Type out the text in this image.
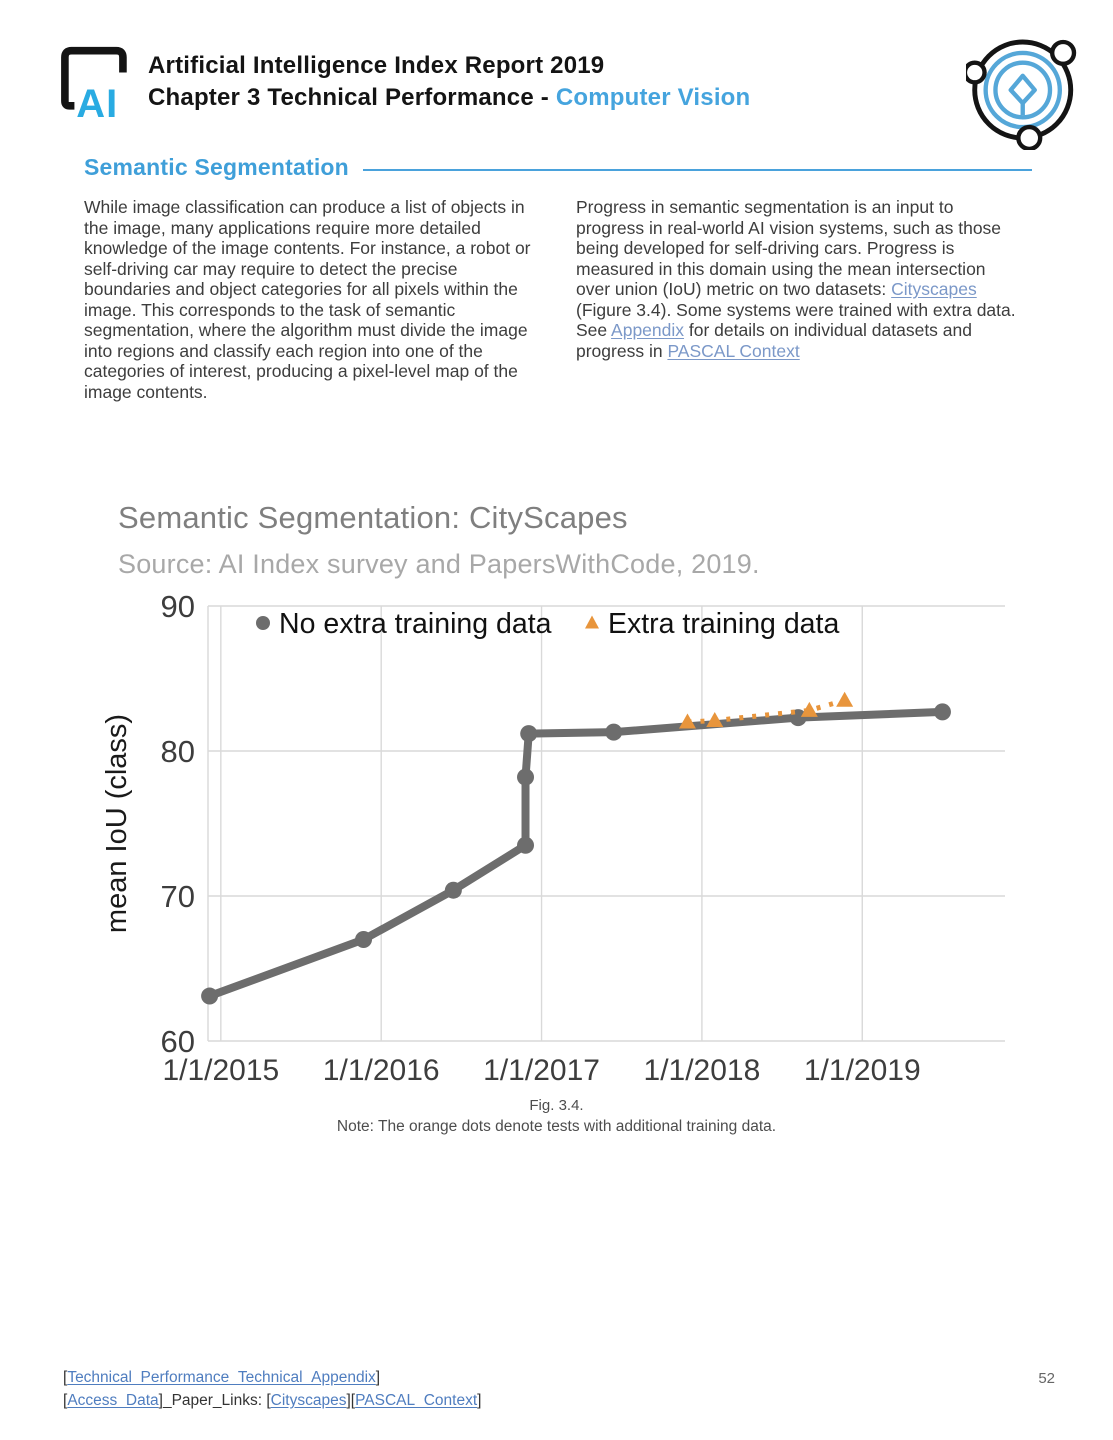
AI
Artificial Intelligence Index Report 2019
Chapter 3 Technical Performance - Computer Vision
Semantic Segmentation

While image classification can produce a list of objects in the image, many applications require more detailed knowledge of the image contents. For instance, a robot or self-driving car may require to detect the precise boundaries and object categories for all pixels within the image. This corresponds to the task of semantic segmentation, where the algorithm must divide the image into regions and classify each region into one of the categories of interest, producing a pixel-level map of the image contents.

Progress in semantic segmentation is an input to progress in real-world AI vision systems, such as those being developed for self-driving cars. Progress is measured in this domain using the mean intersection over union (IoU) metric on two datasets: Cityscapes (Figure 3.4). Some systems were trained with extra data. See Appendix for details on individual datasets and progress in PASCAL Context

Semantic Segmentation: CityScapes
Source: AI Index survey and PapersWithCode, 2019.
90
80
70
60
1/1/2015 1/1/2016 1/1/2017 1/1/2018 1/1/2019
mean IoU (class)
No extra training data Extra training data
Fig. 3.4.
Note: The orange dots denote tests with additional training data.
[Technical_Performance_Technical_Appendix]
[Access_Data]_Paper_Links: [Cityscapes][PASCAL_Context]
52
